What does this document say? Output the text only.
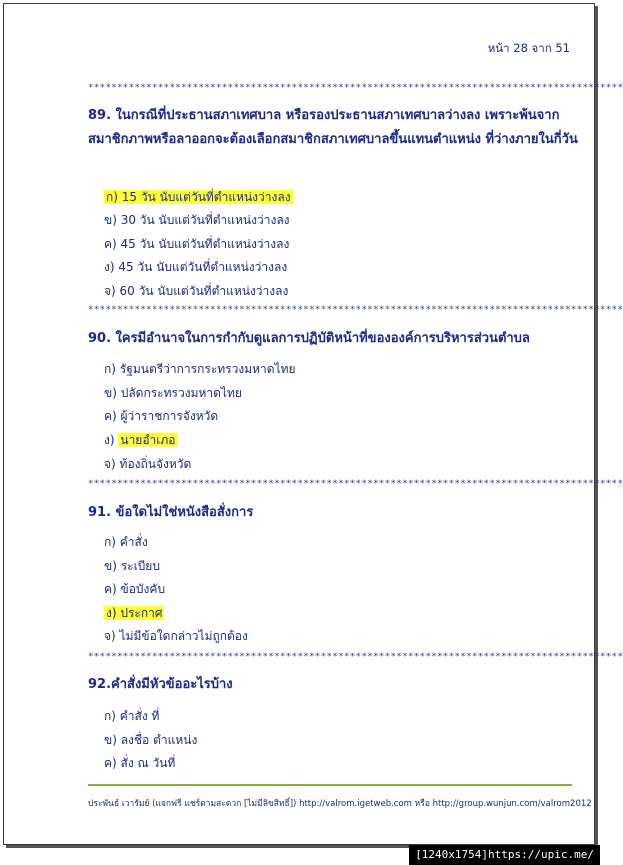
หน้า 28 จาก 51
********************************************************************************************
89. ในกรณีที่ประธานสภาเทศบาล หรือรองประธานสภาเทศบาลว่างลง เพราะพ้นจากสมาชิกภาพหรือลาออกจะต้องเลือกสมาชิกสภาเทศบาลขึ้นแทนตำแหน่ง ที่ว่างภายในกี่วัน
ก) 15 วัน นับแต่วันที่ตำแหน่งว่างลง
ข) 30 วัน นับแต่วันที่ตำแหน่งว่างลง
ค) 45 วัน นับแต่วันที่ตำแหน่งว่างลง
ง) 45 วัน นับแต่วันที่ตำแหน่งว่างลง
จ) 60 วัน นับแต่วันที่ตำแหน่งว่างลง
********************************************************************************************
90. ใครมีอำนาจในการกำกับดูแลการปฏิบัติหน้าที่ขององค์การบริหารส่วนตำบล
ก) รัฐมนตรีว่าการกระทรวงมหาดไทย
ข) ปลัดกระทรวงมหาดไทย
ค) ผู้ว่าราชการจังหวัด
ง) นายอำเภอ
จ) ท้องถิ่นจังหวัด
********************************************************************************************
91. ข้อใดไม่ใช่หนังสือสั่งการ
ก) คำสั่ง
ข) ระเบียบ
ค) ข้อบังคับ
ง) ประกาศ
จ) ไม่มีข้อใดกล่าวไม่ถูกต้อง
********************************************************************************************
92.คำสั่งมีหัวข้ออะไรบ้าง
ก) คำสั่ง ที่
ข) ลงชื่อ ตำแหน่ง
ค) สั่ง ณ วันที่
ประพันธ์ เวารัมย์ (แจกฟรี แชร์ตามสะดวก [ไม่มีลิขสิทธิ์]) http://valrom.igetweb.com หรือ http://group.wunjun.com/valrom2012
[1240x1754]https://upic.me/
